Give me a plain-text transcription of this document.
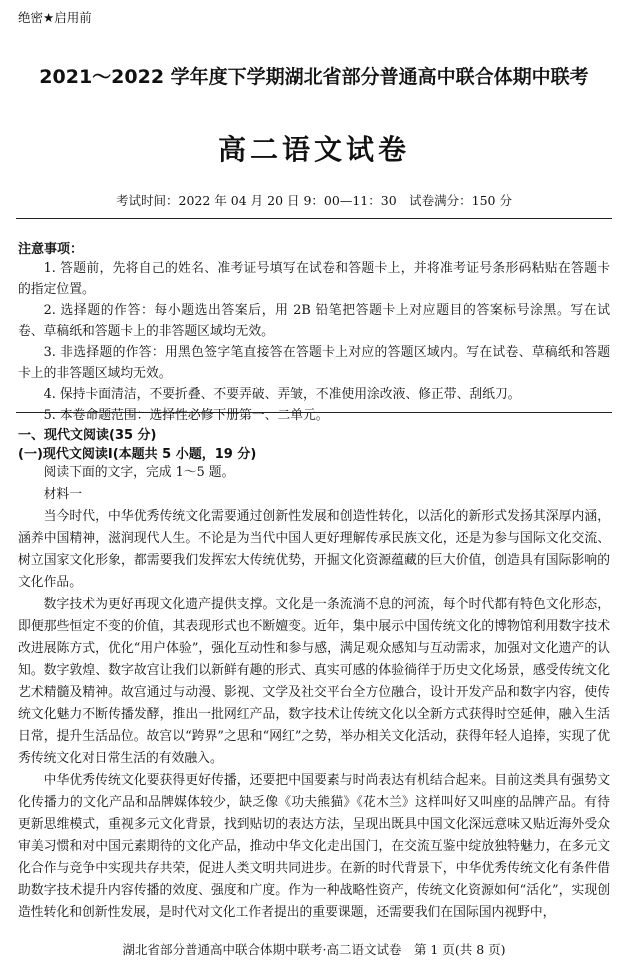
绝密★启用前
2021～2022 学年度下学期湖北省部分普通高中联合体期中联考
高二语文试卷
考试时间：2022 年 04 月 20 日 9：00—11：30　试卷满分：150 分
注意事项：

1. 答题前，先将自己的姓名、准考证号填写在试卷和答题卡上，并将准考证号条形码粘贴在答题卡的指定位置。

2. 选择题的作答：每小题选出答案后，用 2B 铅笔把答题卡上对应题目的答案标号涂黑。写在试卷、草稿纸和答题卡上的非答题区域均无效。

3. 非选择题的作答：用黑色签字笔直接答在答题卡上对应的答题区域内。写在试卷、草稿纸和答题卡上的非答题区域均无效。

4. 保持卡面清洁，不要折叠、不要弄破、弄皱，不准使用涂改液、修正带、刮纸刀。

5. 本卷命题范围：选择性必修下册第一、二单元。

一、现代文阅读(35 分)
(一)现代文阅读Ⅰ(本题共 5 小题，19 分)

阅读下面的文字，完成 1～5 题。

材料一

当今时代，中华优秀传统文化需要通过创新性发展和创造性转化，以活化的新形式发扬其深厚内涵，涵养中国精神，滋润现代人生。不论是为当代中国人更好理解传承民族文化，还是为参与国际文化交流、树立国家文化形象，都需要我们发挥宏大传统优势，开掘文化资源蕴藏的巨大价值，创造具有国际影响的文化作品。

数字技术为更好再现文化遗产提供支撑。文化是一条流淌不息的河流，每个时代都有特色文化形态，即便那些恒定不变的价值，其表现形式也不断嬗变。近年，集中展示中国传统文化的博物馆利用数字技术改进展陈方式，优化“用户体验”，强化互动性和参与感，满足观众感知与互动需求，加强对文化遗产的认知。数字敦煌、数字故宫让我们以新鲜有趣的形式、真实可感的体验徜徉于历史文化场景，感受传统文化艺术精髓及精神。故宫通过与动漫、影视、文学及社交平台全方位融合，设计开发产品和数字内容，使传统文化魅力不断传播发酵，推出一批网红产品，数字技术让传统文化以全新方式获得时空延伸，融入生活日常，提升生活品位。故宫以“跨界”之思和“网红”之势，举办相关文化活动，获得年轻人追捧，实现了优秀传统文化对日常生活的有效融入。

中华优秀传统文化要获得更好传播，还要把中国要素与时尚表达有机结合起来。目前这类具有强势文化传播力的文化产品和品牌媒体较少，缺乏像《功夫熊猫》《花木兰》这样叫好又叫座的品牌产品。有待更新思维模式，重视多元文化背景，找到贴切的表达方法，呈现出既具中国文化深远意味又贴近海外受众审美习惯和对中国元素期待的文化产品，推动中华文化走出国门，在交流互鉴中绽放独特魅力，在多元文化合作与竞争中实现共存共荣，促进人类文明共同进步。在新的时代背景下，中华优秀传统文化有条件借助数字技术提升内容传播的效度、强度和广度。作为一种战略性资产，传统文化资源如何“活化”，实现创造性转化和创新性发展，是时代对文化工作者提出的重要课题，还需要我们在国际国内视野中，

湖北省部分普通高中联合体期中联考·高二语文试卷　第 1 页(共 8 页)
